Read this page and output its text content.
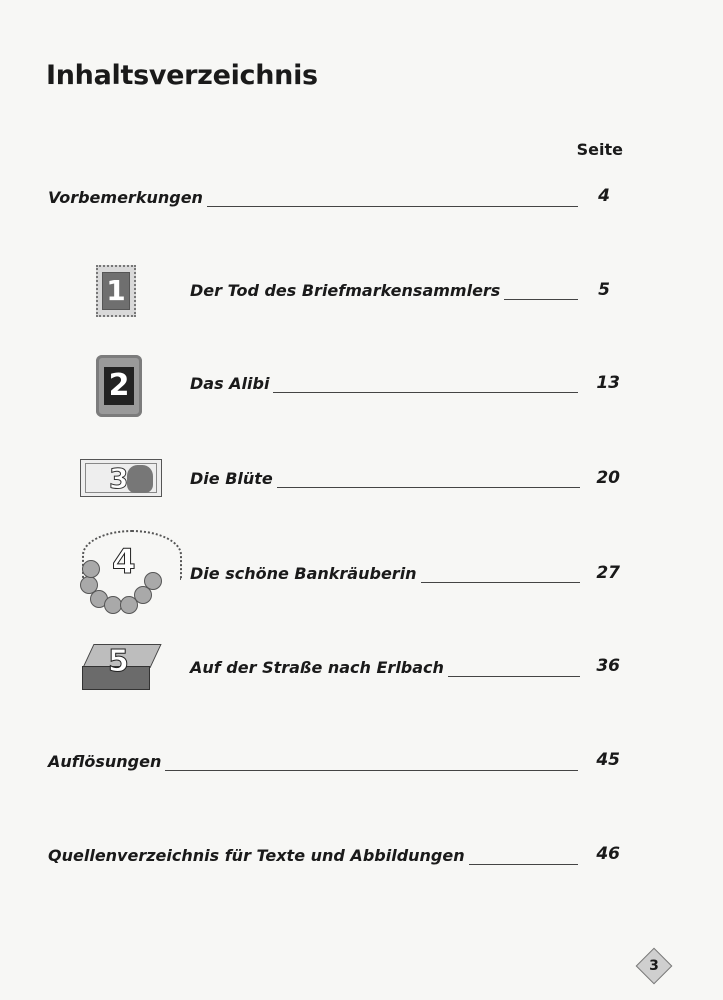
Inhaltsverzeichnis
Seite
Vorbemerkungen	4
1	Der Tod des Briefmarkensammlers	5
2	Das Alibi	13
3	Die Blüte	20
4	Die schöne Bankräuberin	27
5	Auf der Straße nach Erlbach	36
Auflösungen	45
Quellenverzeichnis für Texte und Abbildungen	46
3
